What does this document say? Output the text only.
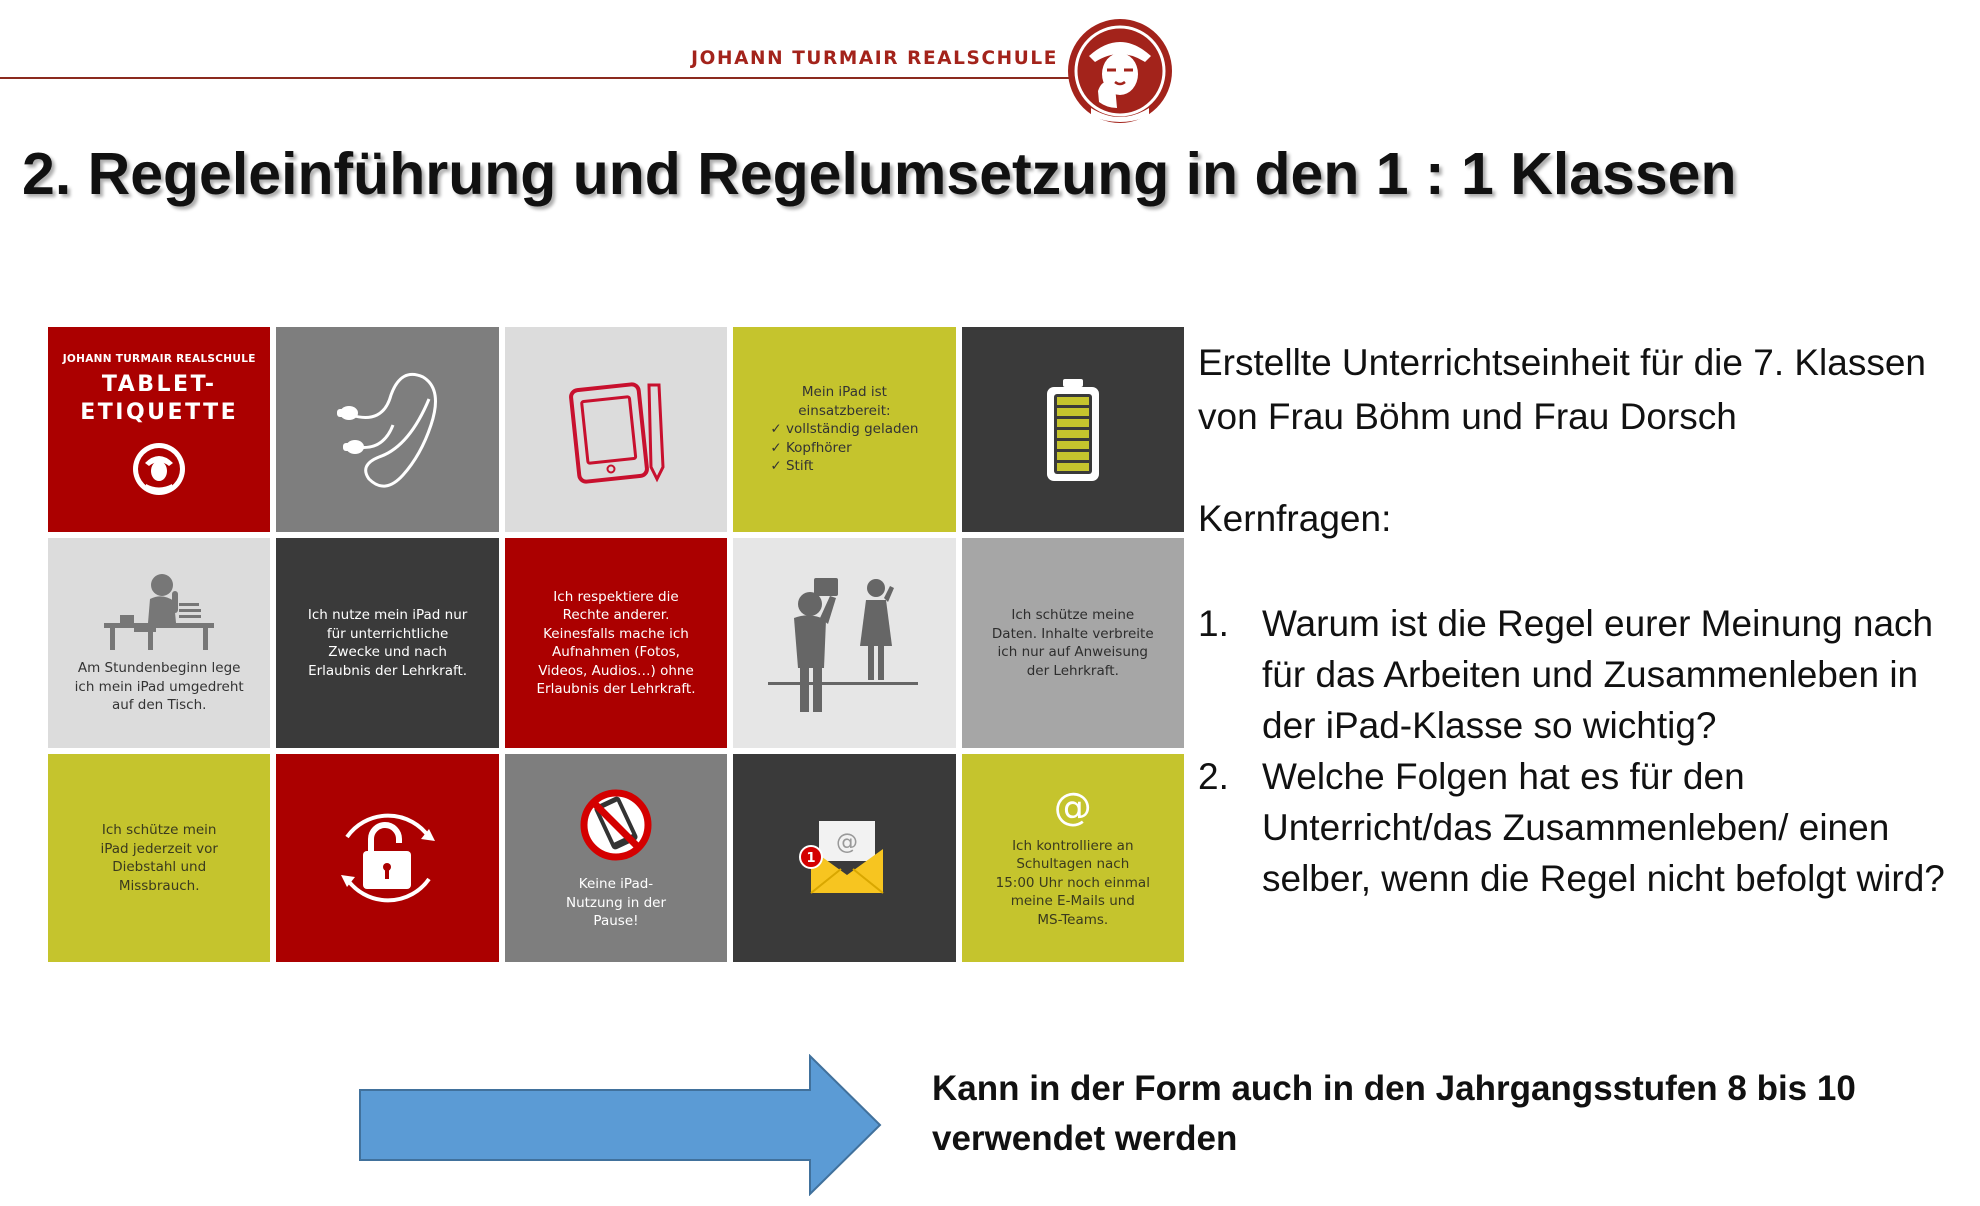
JOHANN TURMAIR REALSCHULE
2. Regeleinführung und Regelumsetzung in den 1 : 1 Klassen
JOHANN TURMAIR REALSCHULE
TABLET-
ETIQUETTE
Mein iPad ist
einsatzbereit:
✓ vollständig geladen
✓ Kopfhörer
✓ Stift
Am Stundenbeginn lege
ich mein iPad umgedreht
auf den Tisch.
Ich nutze mein iPad nur
für unterrichtliche
Zwecke und nach
Erlaubnis der Lehrkraft.
Ich respektiere die
Rechte anderer.
Keinesfalls mache ich
Aufnahmen (Fotos,
Videos, Audios…) ohne
Erlaubnis der Lehrkraft.
Ich schütze meine
Daten. Inhalte verbreite
ich nur auf Anweisung
der Lehrkraft.
Ich schütze mein
iPad jederzeit vor
Diebstahl und
Missbrauch.	Keine iPad-
Nutzung in der
Pause!
@
1
@
Ich kontrolliere an
Schultagen nach
15:00 Uhr noch einmal
meine E-Mails und
MS-Teams.

Erstellte Unterrichtseinheit für die 7. Klassen von Frau Böhm und Frau Dorsch

Kernfragen:

1. Warum ist die Regel eurer Meinung nach für das Arbeiten und Zusammenleben in der iPad-Klasse so wichtig?
2. Welche Folgen hat es für den Unterricht/das Zusammenleben/ einen selber, wenn die Regel nicht befolgt wird?

Kann in der Form auch in den Jahrgangsstufen 8 bis 10
verwendet werden
